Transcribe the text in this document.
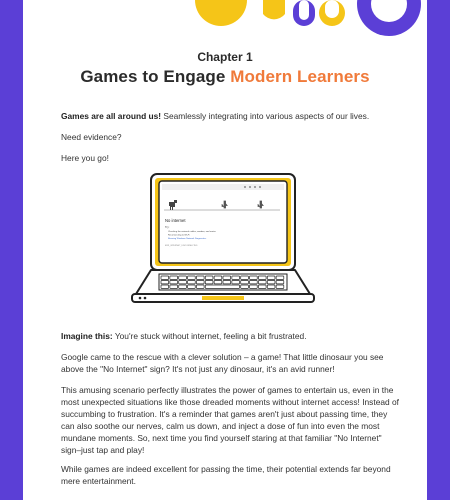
Chapter 1
Games to Engage Modern Learners
Games are all around us! Seamlessly integrating into various aspects of our lives.
Need evidence?
Here you go!
No internet
Try:
Checking the network cables, modem, and router
Reconnecting to Wi-Fi
Running Windows Network Diagnostics
ERR_INTERNET_DISCONNECTED
Imagine this: You're stuck without internet, feeling a bit frustrated.
Google came to the rescue with a clever solution – a game! That little dinosaur you see above the "No Internet" sign? It's not just any dinosaur, it's an avid runner!
This amusing scenario perfectly illustrates the power of games to entertain us, even in the most unexpected situations like those dreaded moments without internet access! Instead of succumbing to frustration. It's a reminder that games aren't just about passing time, they can also soothe our nerves, calm us down, and inject a dose of fun into even the most mundane moments. So, next time you find yourself staring at that familiar "No Internet" sign–just tap and play!
While games are indeed excellent for passing the time, their potential extends far beyond mere entertainment.
